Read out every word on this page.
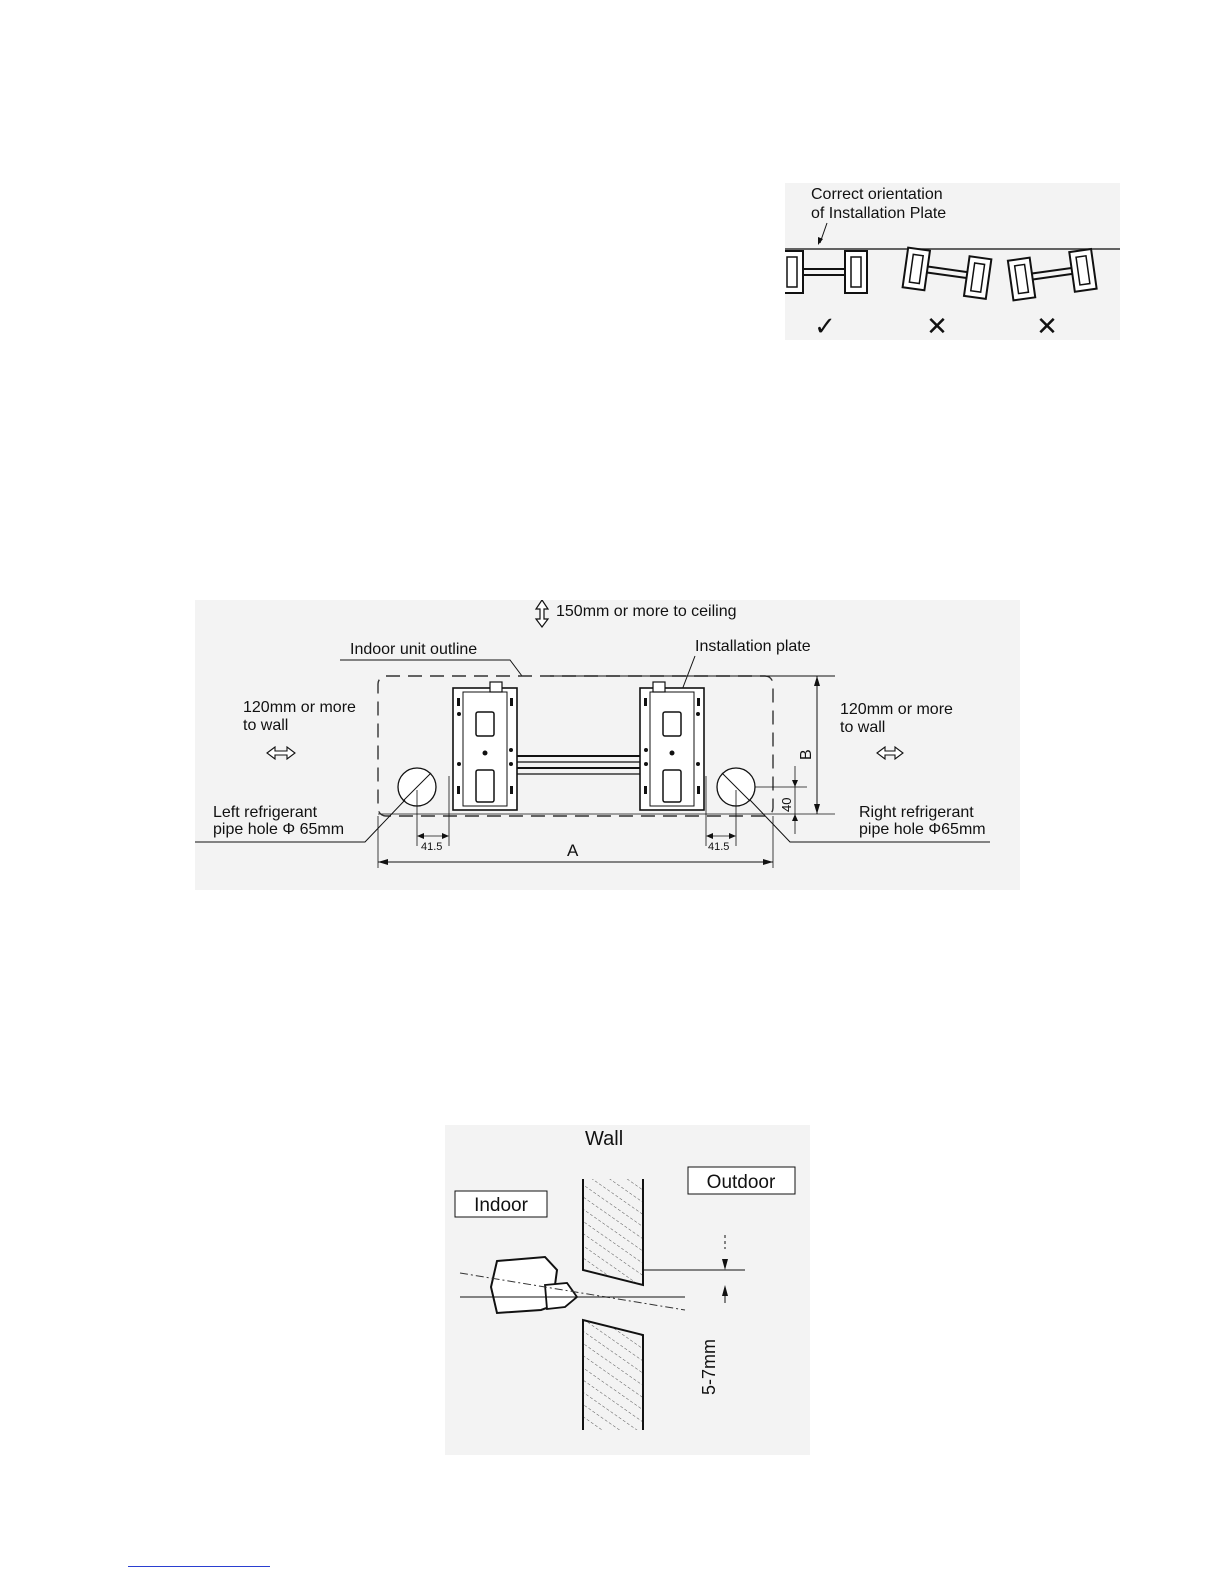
Correct orientation
of Installation Plate
✓	✕	✕
150mm or more to ceiling
Indoor unit outline	Installation plate
120mm or more
to wall
Left refrigerant
pipe hole Φ 65mm
120mm or more
to wall
Right refrigerant
pipe hole Φ65mm
41.5	41.5
A
B
40
Wall
Indoor
Outdoor
5-7mm
